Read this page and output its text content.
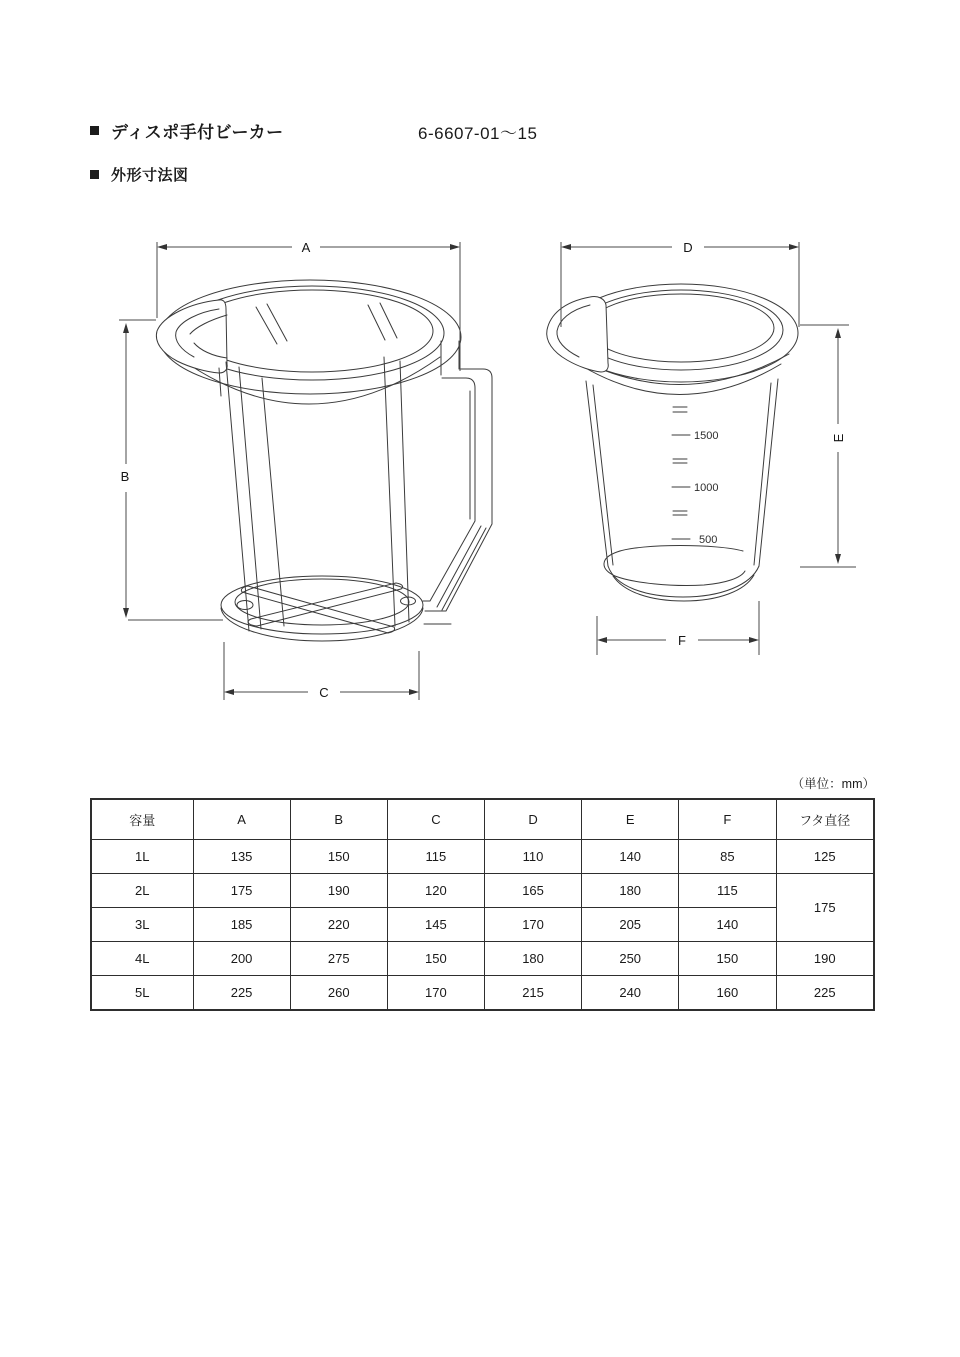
ディスポ手付ビーカー	6-6607-01～15
外形寸法図
1500
1000
500
A
B
C
D
E
F
（単位：mm）
容量	A	B	C	D	E	F	フタ直径
1L	135	150	115	110	140	85	125
2L	175	190	120	165	180	115	175
3L	185	220	145	170	205	140	
4L	200	275	150	180	250	150	190
5L	225	260	170	215	240	160	225
